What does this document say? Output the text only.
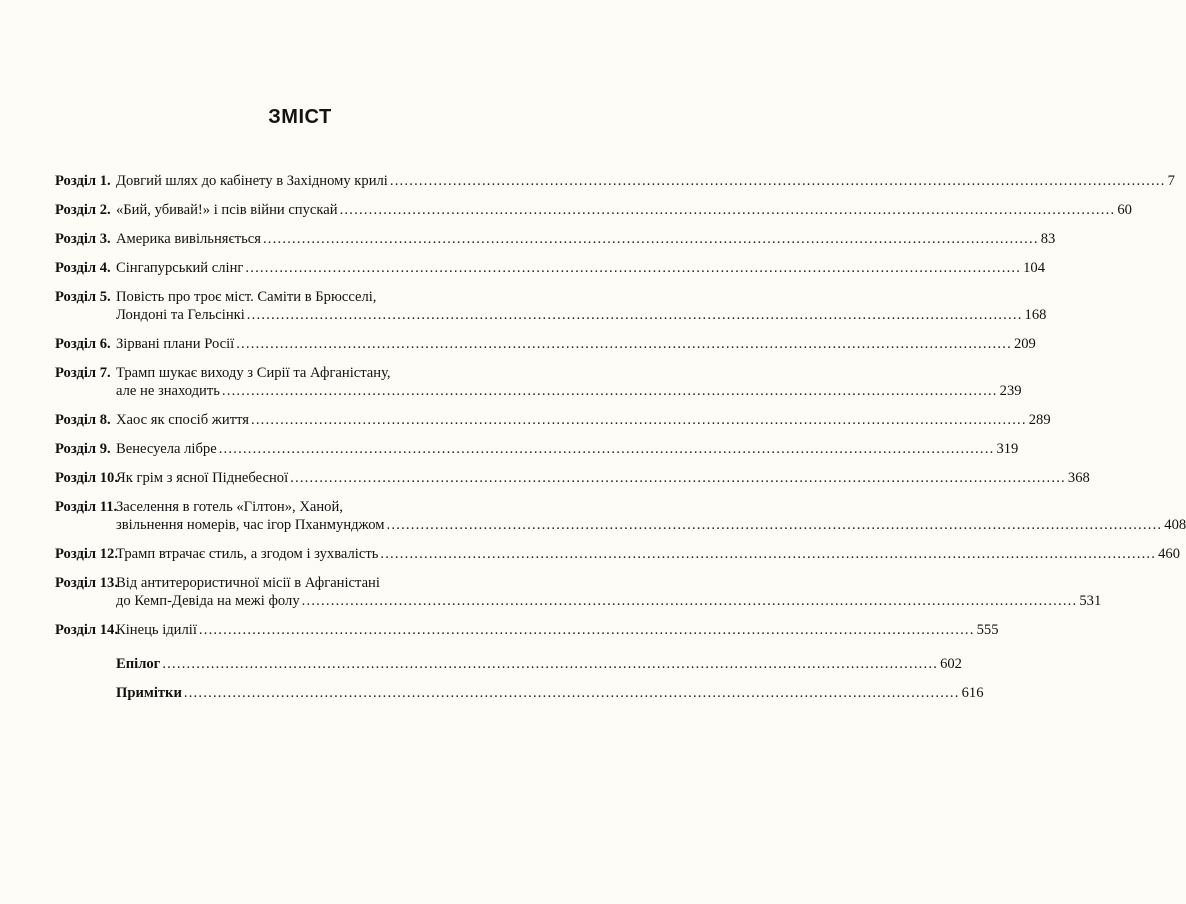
ЗМІСТ
Розділ 1. Довгий шлях до кабінету в Західному крилі .....	7
Розділ 2. «Бий, убивай!» і псів війни спускай .....	60
Розділ 3. Америка вивільняється .....	83
Розділ 4. Сінгапурський слінг .....	104
Розділ 5. Повість про троє міст. Саміти в Брюсселі,
Лондоні та Гельсінкі .....	168
Розділ 6. Зірвані плани Росії .....	209
Розділ 7. Трамп шукає виходу з Сирії та Афганістану,
але не знаходить .....	239
Розділ 8. Хаос як спосіб життя .....	289
Розділ 9. Венесуела лібре .....	319
Розділ 10.
Як грім з ясної Піднебесної .....	368
Розділ 11.
Заселення в готель «Гілтон», Ханой,
звільнення номерів, час ігор Пханмунджом .....	408
Розділ 12.
Трамп втрачає стиль, а згодом і зухвалість .....	460
Розділ 13.
Від антитерористичної місії в Афганістані
до Кемп-Девіда на межі фолу .....	531
Розділ 14.
Кінець ідилії .....	555
Епілог .....	602
Примітки .....	616
